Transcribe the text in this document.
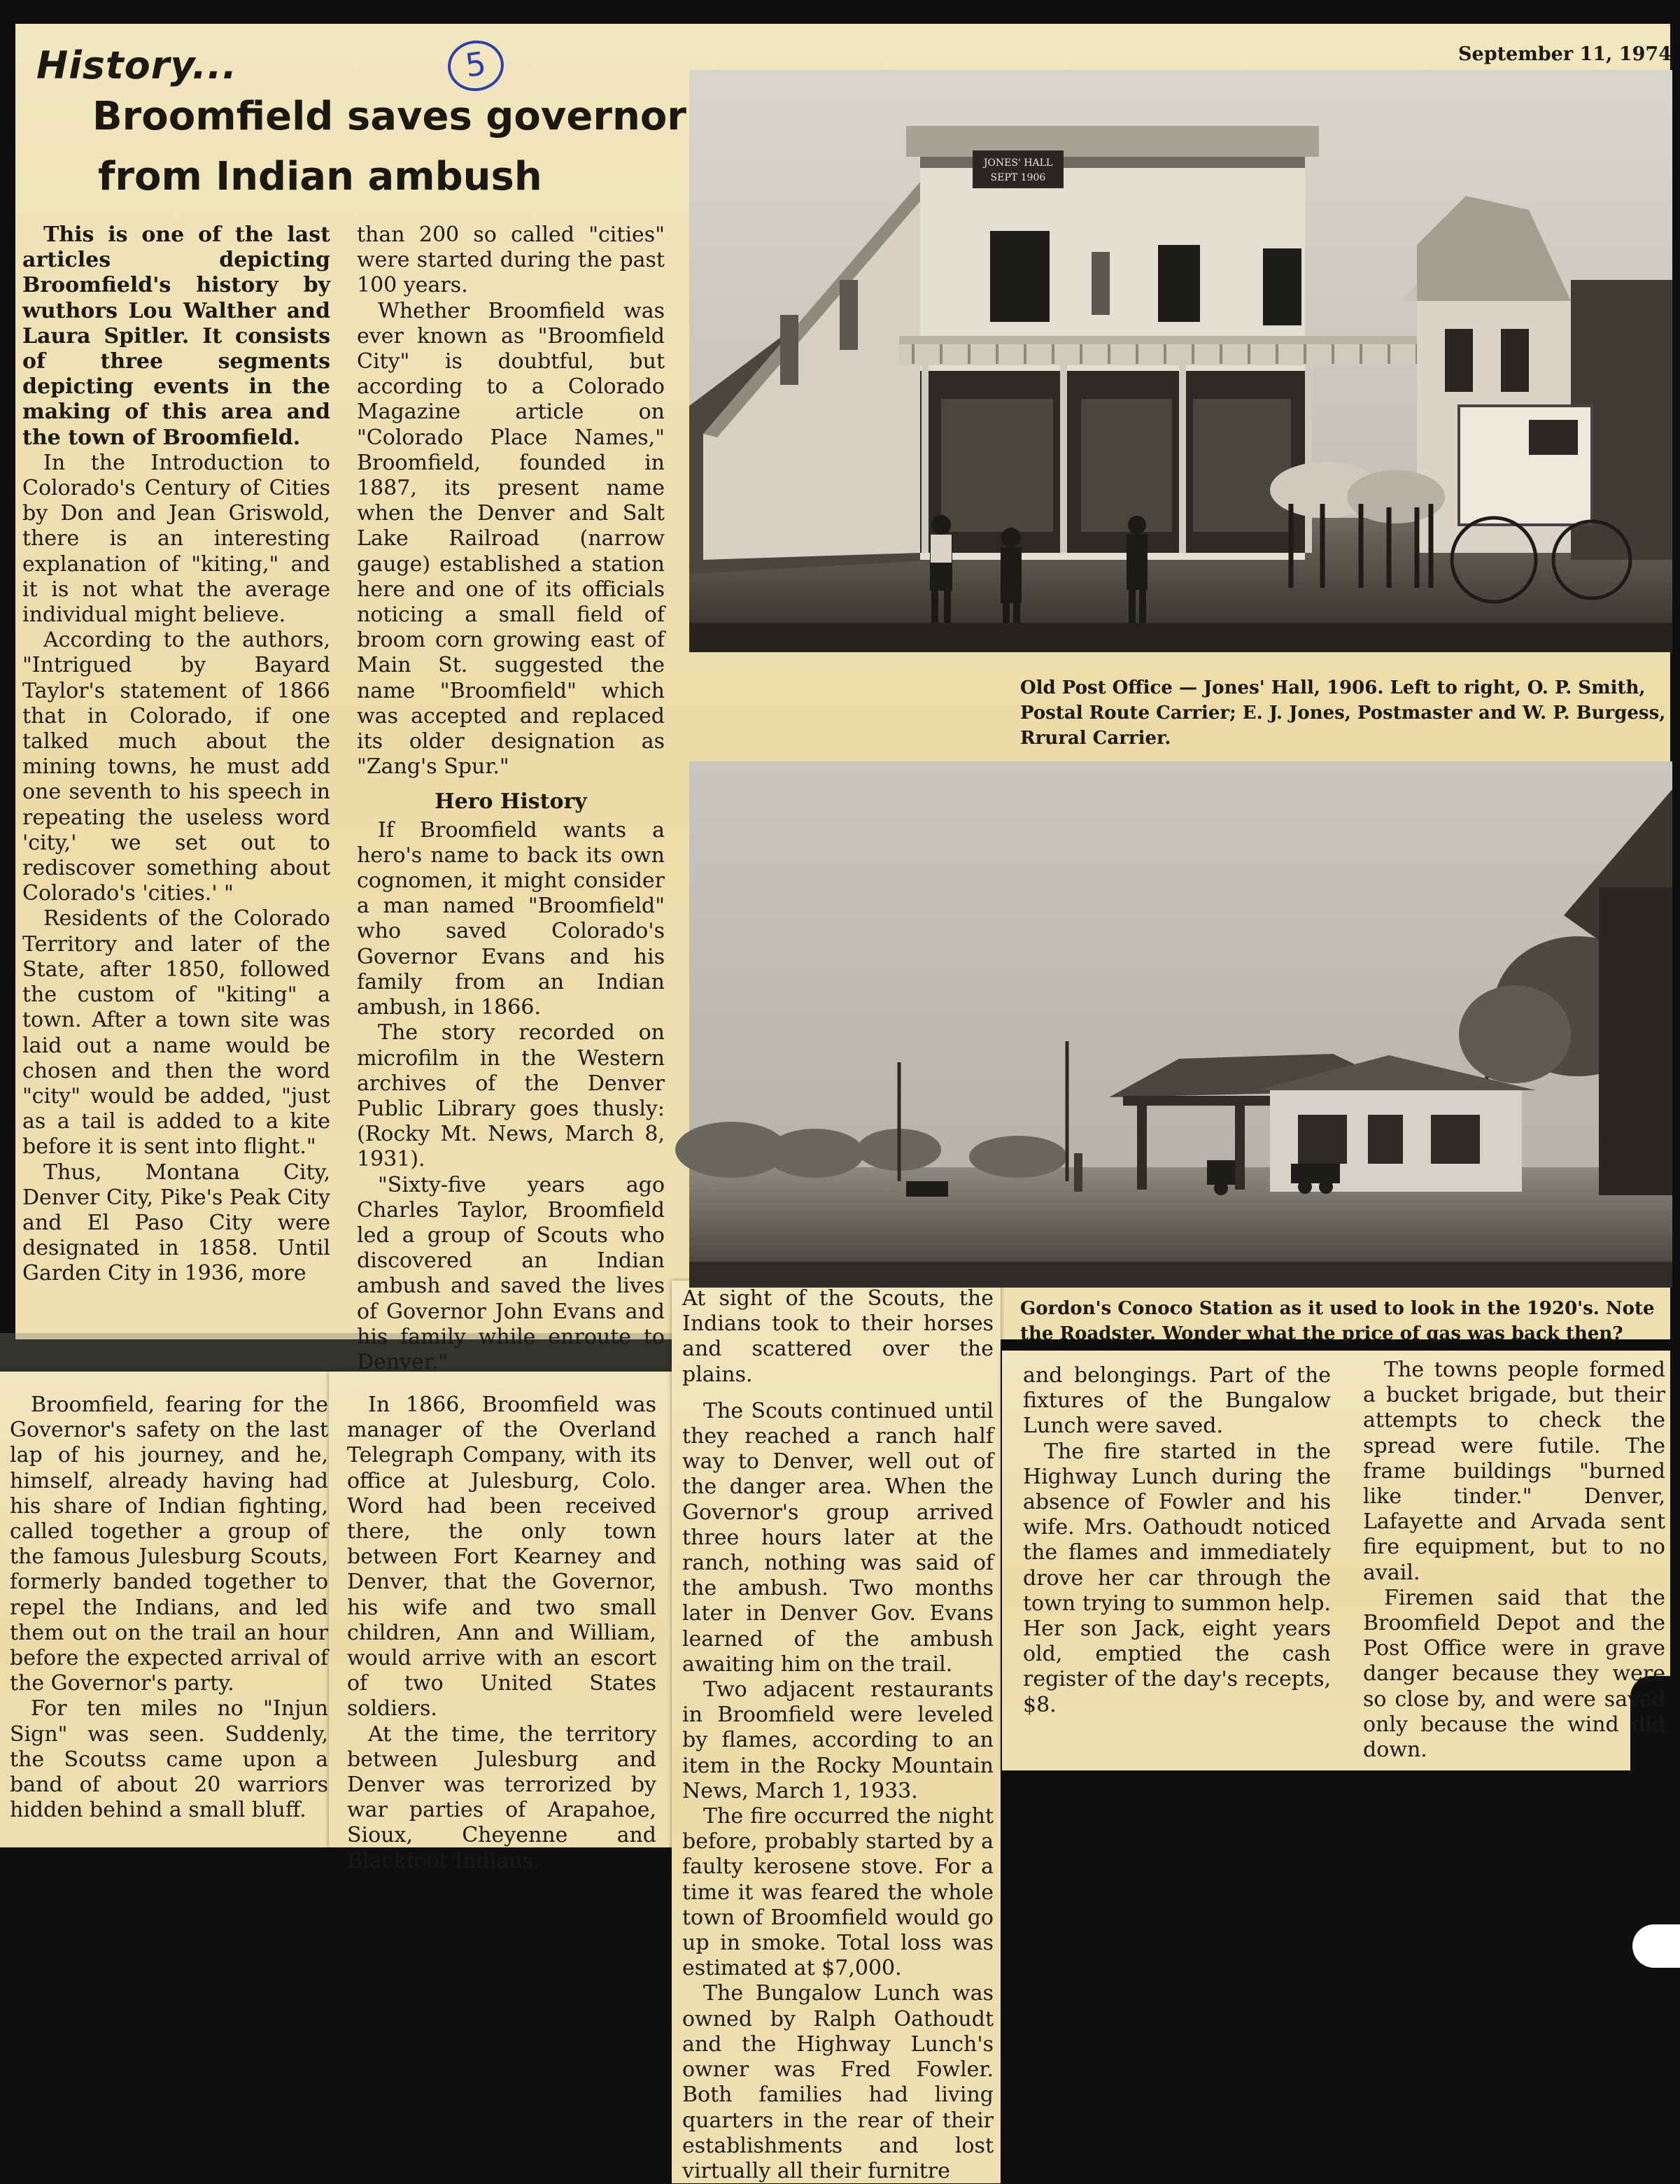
History...	5
Broomfield saves governor
from Indian ambush
September 11, 1974

This is one of the last articles depicting Broomfield's history by wuthors Lou Walther and Laura Spitler. It consists of three segments depicting events in the making of this area and the town of Broomfield.

In the Introduction to Colorado's Century of Cities by Don and Jean Griswold, there is an interesting explanation of "kiting," and it is not what the average individual might believe.

According to the authors, "Intrigued by Bayard Taylor's statement of 1866 that in Colorado, if one talked much about the mining towns, he must add one seventh to his speech in repeating the useless word 'city,' we set out to rediscover something about Colorado's 'cities.' "

Residents of the Colorado Territory and later of the State, after 1850, followed the custom of "kiting" a town. After a town site was laid out a name would be chosen and then the word "city" would be added, "just as a tail is added to a kite before it is sent into flight."

Thus, Montana City, Denver City, Pike's Peak City and El Paso City were designated in 1858. Until Garden City in 1936, more

than 200 so called "cities" were started during the past 100 years.

Whether Broomfield was ever known as "Broomfield City" is doubtful, but according to a Colorado Magazine article on "Colorado Place Names," Broomfield, founded in 1887, its present name when the Denver and Salt Lake Railroad (narrow gauge) established a station here and one of its officials noticing a small field of broom corn growing east of Main St. suggested the name "Broomfield" which was accepted and replaced its older designation as "Zang's Spur."

Hero History

If Broomfield wants a hero's name to back its own cognomen, it might consider a man named "Broomfield" who saved Colorado's Governor Evans and his family from an Indian ambush, in 1866.

The story recorded on microfilm in the Western archives of the Denver Public Library goes thusly: (Rocky Mt. News, March 8, 1931).

"Sixty-five years ago Charles Taylor, Broomfield led a group of Scouts who discovered an Indian ambush and saved the lives of Governor John Evans and his family while enroute to Denver."

JONES' HALL
SEPT 1906
Old Post Office — Jones' Hall, 1906. Left to right, O. P. Smith, Postal Route Carrier; E. J. Jones, Postmaster and W. P. Burgess, Rrural Carrier.
Gordon's Conoco Station as it used to look in the 1920's. Note the Roadster. Wonder what the price of gas was back then?

Broomfield, fearing for the Governor's safety on the last lap of his journey, and he, himself, already having had his share of Indian fighting, called together a group of the famous Julesburg Scouts, formerly banded together to repel the Indians, and led them out on the trail an hour before the expected arrival of the Governor's party.

For ten miles no "Injun Sign" was seen. Suddenly, the Scoutss came upon a band of about 20 warriors hidden behind a small bluff.

In 1866, Broomfield was manager of the Overland Telegraph Company, with its office at Julesburg, Colo. Word had been received there, the only town between Fort Kearney and Denver, that the Governor, his wife and two small children, Ann and William, would arrive with an escort of two United States soldiers.

At the time, the territory between Julesburg and Denver was terrorized by war parties of Arapahoe, Sioux, Cheyenne and Blackfoot Indians.

At sight of the Scouts, the Indians took to their horses and scattered over the plains.

The Scouts continued until they reached a ranch half way to Denver, well out of the danger area. When the Governor's group arrived three hours later at the ranch, nothing was said of the ambush. Two months later in Denver Gov. Evans learned of the ambush awaiting him on the trail.

Two adjacent restaurants in Broomfield were leveled by flames, according to an item in the Rocky Mountain News, March 1, 1933.

The fire occurred the night before, probably started by a faulty kerosene stove. For a time it was feared the whole town of Broomfield would go up in smoke. Total loss was estimated at $7,000.

The Bungalow Lunch was owned by Ralph Oathoudt and the Highway Lunch's owner was Fred Fowler. Both families had living quarters in the rear of their establishments and lost virtually all their furnitre

and belongings. Part of the fixtures of the Bungalow Lunch were saved.

The fire started in the Highway Lunch during the absence of Fowler and his wife. Mrs. Oathoudt noticed the flames and immediately drove her car through the town trying to summon help. Her son Jack, eight years old, emptied the cash register of the day's recepts, $8.

The towns people formed a bucket brigade, but their attempts to check the spread were futile. The frame buildings "burned like tinder." Denver, Lafayette and Arvada sent fire equipment, but to no avail.

Firemen said that the Broomfield Depot and the Post Office were in grave danger because they were so close by, and were saved only because the wind did down.
